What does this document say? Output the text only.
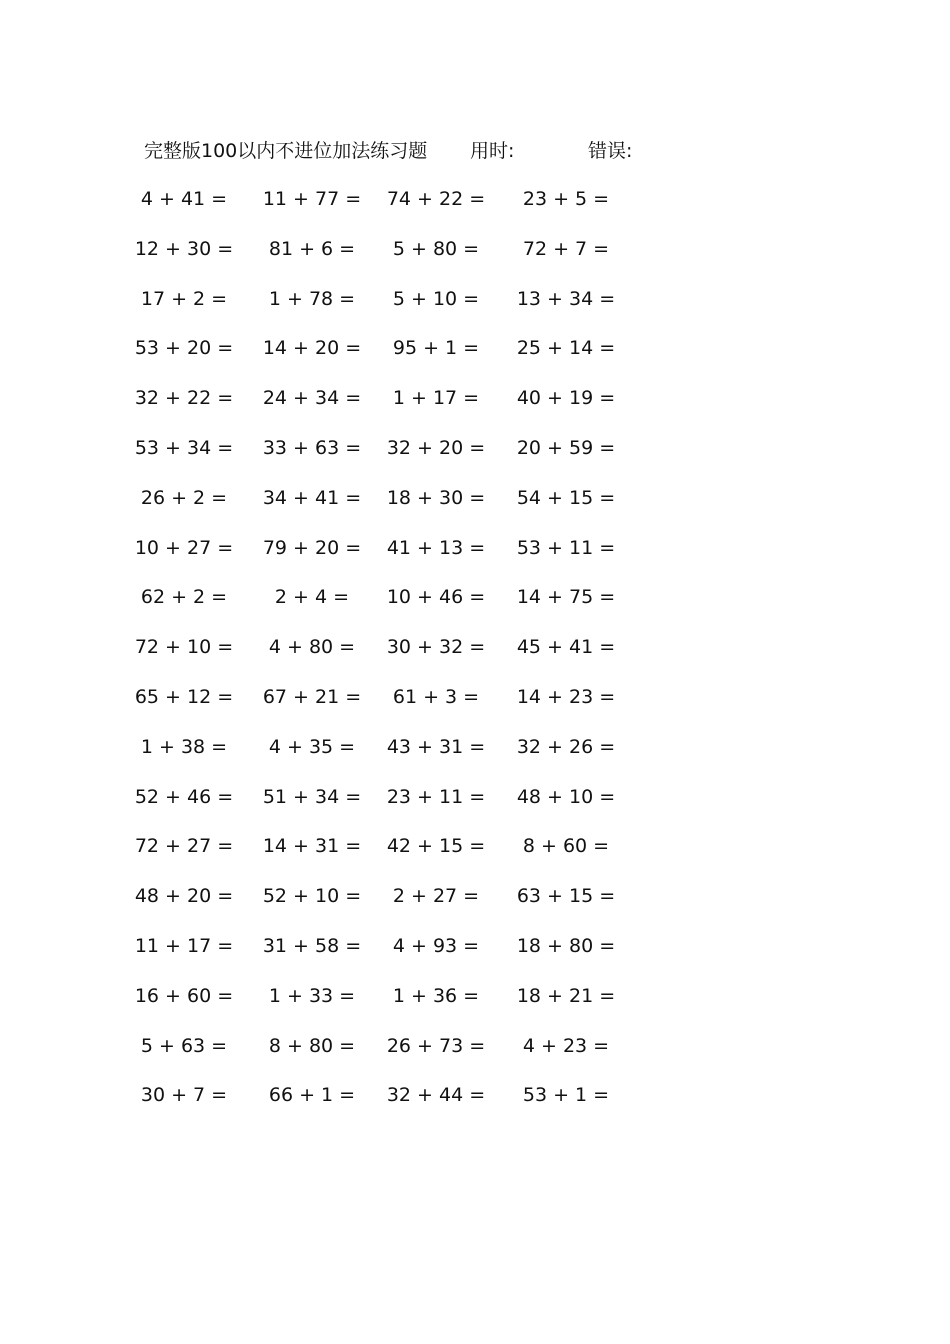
完整版100以内不进位加法练习题 用时:	错误:
4 + 41 =	11 + 77 =	74 + 22 =	23 + 5 =
12 + 30 =	81 + 6 =	5 + 80 =	72 + 7 =
17 + 2 =	1 + 78 =	5 + 10 =	13 + 34 =
53 + 20 =	14 + 20 =	95 + 1 =	25 + 14 =
32 + 22 =	24 + 34 =	1 + 17 =	40 + 19 =
53 + 34 =	33 + 63 =	32 + 20 =	20 + 59 =
26 + 2 =	34 + 41 =	18 + 30 =	54 + 15 =
10 + 27 =	79 + 20 =	41 + 13 =	53 + 11 =
62 + 2 =	2 + 4 =	10 + 46 =	14 + 75 =
72 + 10 =	4 + 80 =	30 + 32 =	45 + 41 =
65 + 12 =	67 + 21 =	61 + 3 =	14 + 23 =
1 + 38 =	4 + 35 =	43 + 31 =	32 + 26 =
52 + 46 =	51 + 34 =	23 + 11 =	48 + 10 =
72 + 27 =	14 + 31 =	42 + 15 =	8 + 60 =
48 + 20 =	52 + 10 =	2 + 27 =	63 + 15 =
11 + 17 =	31 + 58 =	4 + 93 =	18 + 80 =
16 + 60 =	1 + 33 =	1 + 36 =	18 + 21 =
5 + 63 =	8 + 80 =	26 + 73 =	4 + 23 =
30 + 7 =	66 + 1 =	32 + 44 =	53 + 1 =
